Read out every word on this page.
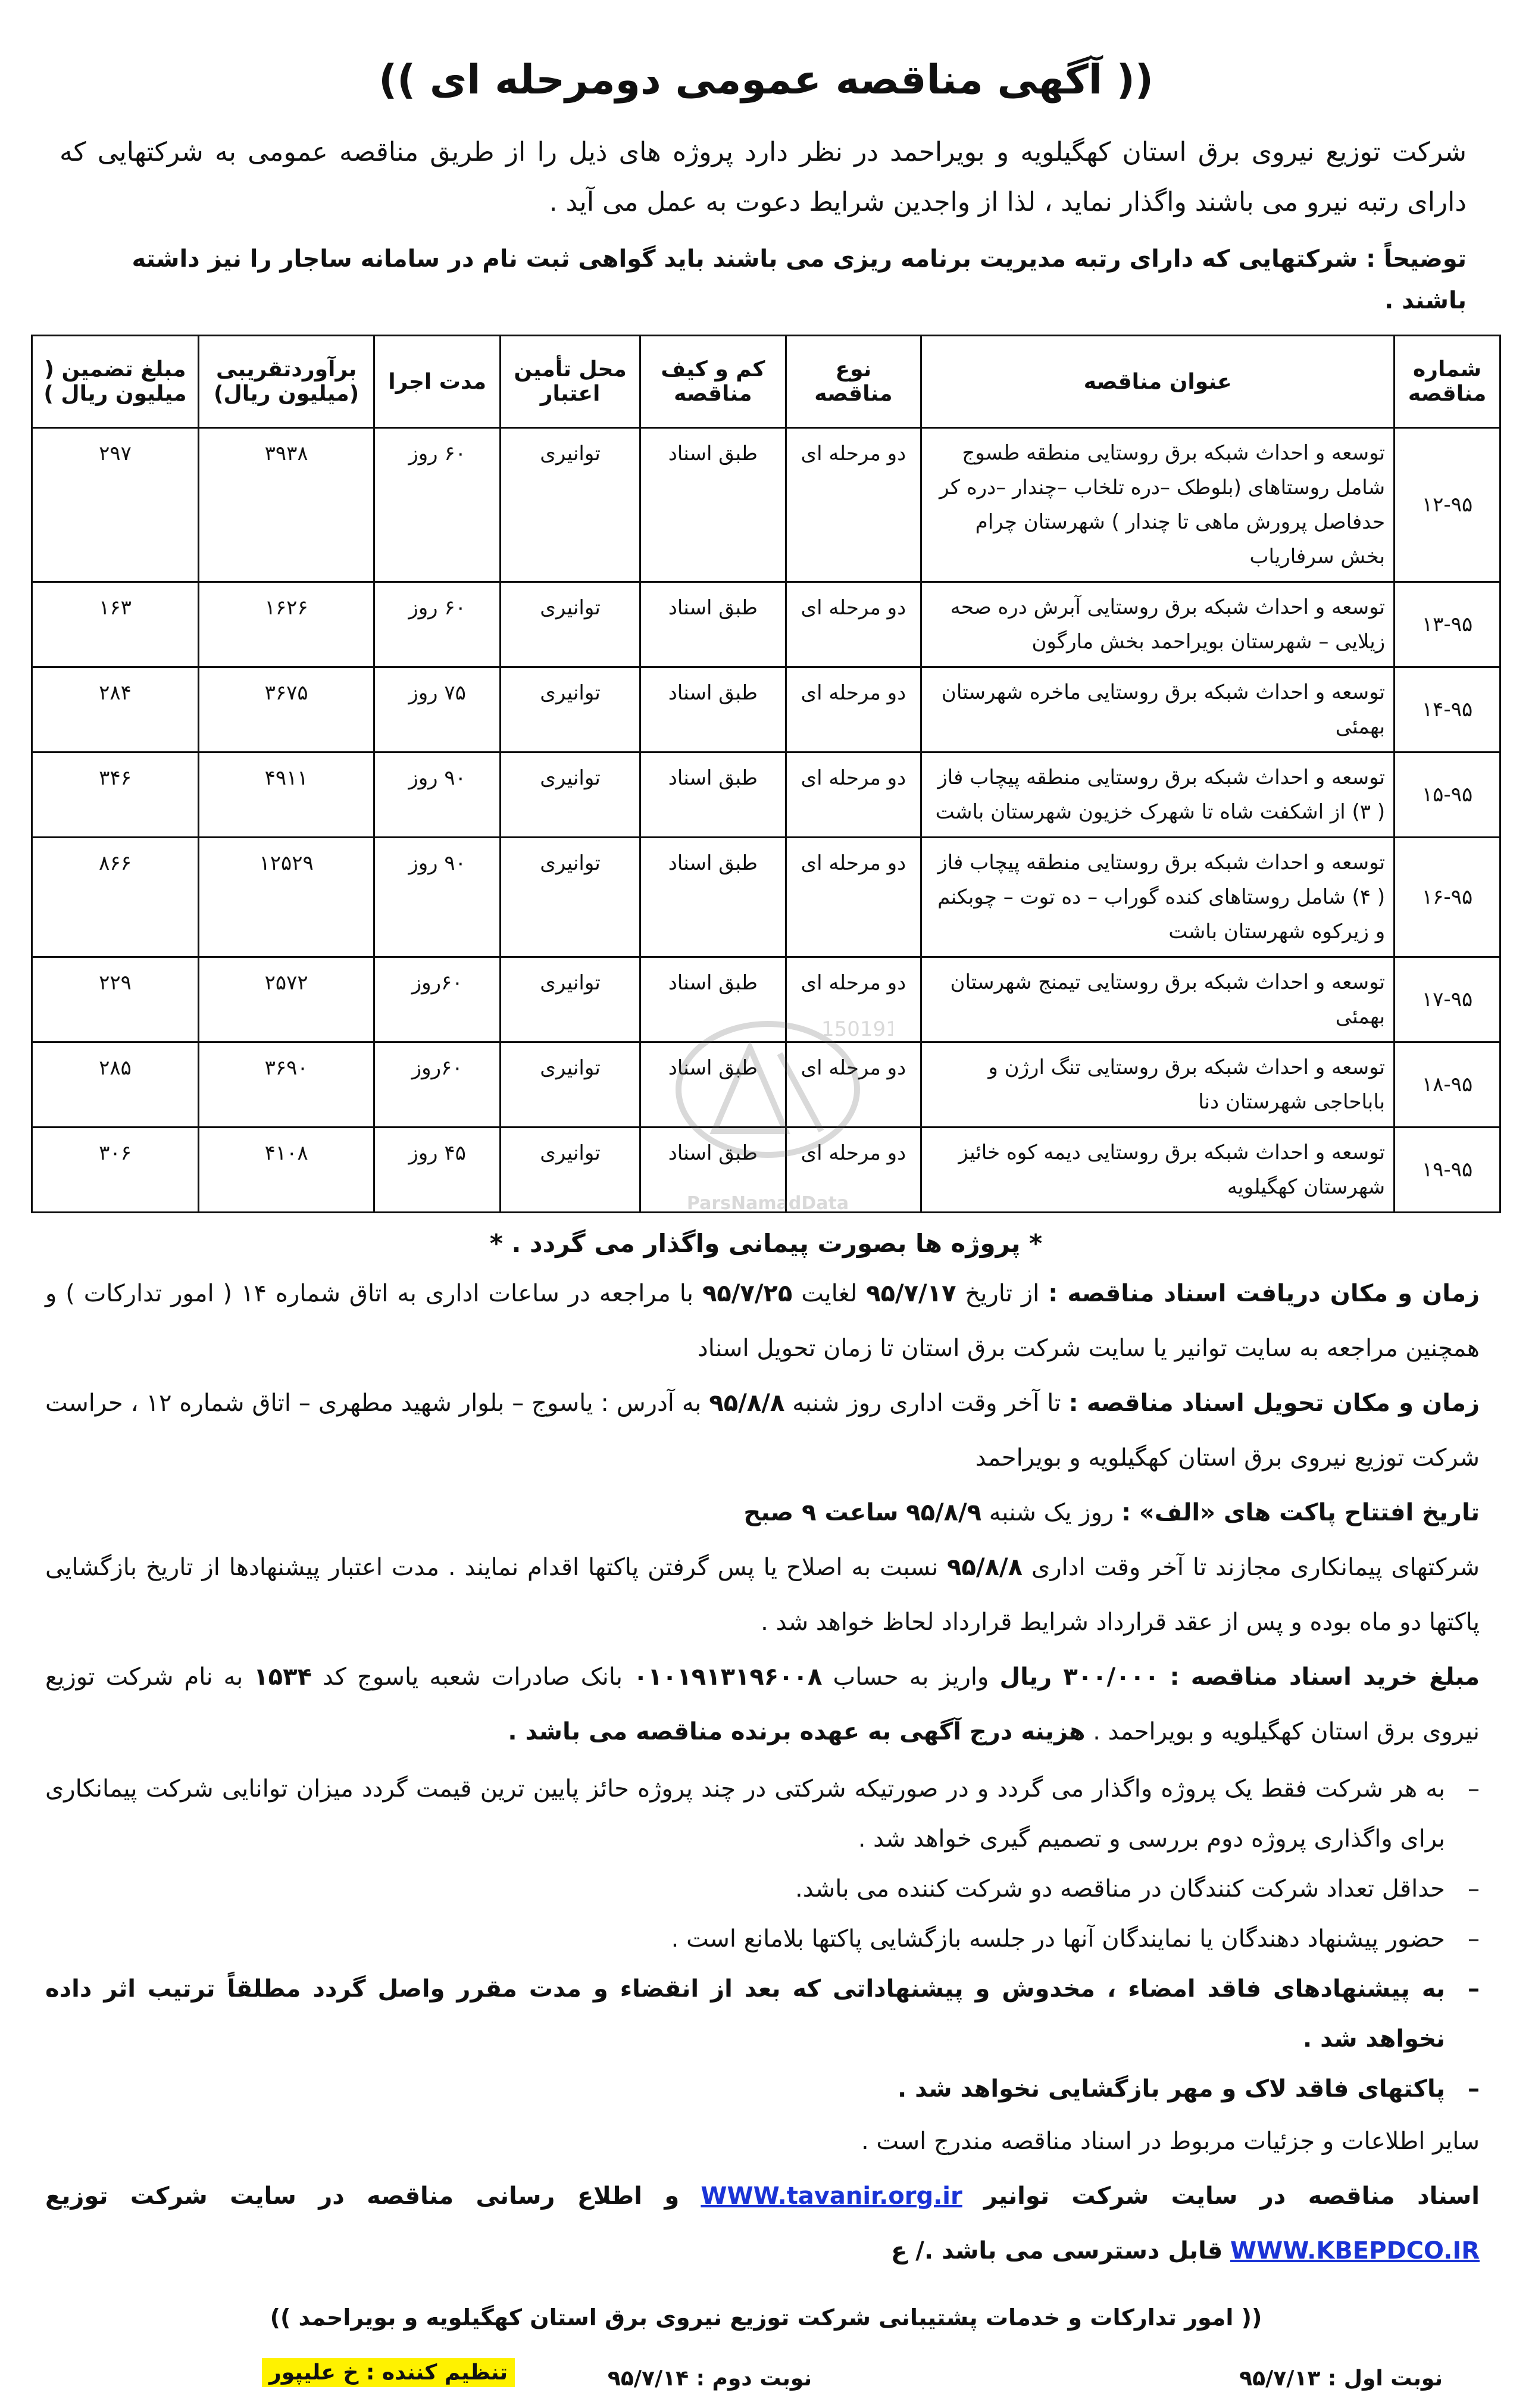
(( آگهی مناقصه عمومی دومرحله ای ))
شرکت توزیع نیروی برق استان کهگیلویه و بویراحمد در نظر دارد پروژه های ذیل را از طریق مناقصه عمومی به شرکتهایی که دارای رتبه نیرو می باشند واگذار نماید ، لذا از واجدین شرایط دعوت به عمل می آید .
توضیحاً : شرکتهایی که دارای رتبه مدیریت برنامه ریزی می باشند باید گواهی ثبت نام در سامانه ساجار را نیز داشته باشند .
شماره مناقصه	عنوان مناقصه	نوع مناقصه	کم و کیف مناقصه	محل تأمین اعتبار	مدت اجرا	برآوردتقریبی (میلیون ریال)	مبلغ تضمین ( میلیون ریال )
۱۲-۹۵	توسعه و احداث شبکه برق روستایی منطقه طسوج شامل روستاهای (بلوطک –دره تلخاب –چندار –دره کر حدفاصل پرورش ماهی تا چندار ) شهرستان چرام بخش سرفاریاب	دو مرحله ای	طبق اسناد	توانیری	۶۰ روز	۳۹۳۸	۲۹۷
۱۳-۹۵	توسعه و احداث شبکه برق روستایی آبرش دره صحه زیلایی – شهرستان بویراحمد بخش مارگون	دو مرحله ای	طبق اسناد	توانیری	۶۰ روز	۱۶۲۶	۱۶۳
۱۴-۹۵	توسعه و احداث شبکه برق روستایی ماخره شهرستان بهمئی	دو مرحله ای	طبق اسناد	توانیری	۷۵ روز	۳۶۷۵	۲۸۴
۱۵-۹۵	توسعه و احداث شبکه برق روستایی منطقه پیچاب فاز ( ۳) از اشکفت شاه تا شهرک خزیون شهرستان باشت	دو مرحله ای	طبق اسناد	توانیری	۹۰ روز	۴۹۱۱	۳۴۶
۱۶-۹۵	توسعه و احداث شبکه برق روستایی منطقه پیچاب فاز ( ۴) شامل روستاهای کنده گوراب – ده توت – چوبکنم و زیرکوه شهرستان باشت	دو مرحله ای	طبق اسناد	توانیری	۹۰ روز	۱۲۵۲۹	۸۶۶
۱۷-۹۵	توسعه و احداث شبکه برق روستایی تیمنج شهرستان بهمئی	دو مرحله ای	طبق اسناد	توانیری	۶۰روز	۲۵۷۲	۲۲۹
۱۸-۹۵	توسعه و احداث شبکه برق روستایی تنگ ارژن و باباحاجی شهرستان دنا	دو مرحله ای	طبق اسناد	توانیری	۶۰روز	۳۶۹۰	۲۸۵
۱۹-۹۵	توسعه و احداث شبکه برق روستایی دیمه کوه خائیز شهرستان کهگیلویه	دو مرحله ای	طبق اسناد	توانیری	۴۵ روز	۴۱۰۸	۳۰۶
* پروژه ها بصورت پیمانی واگذار می گردد . *
زمان و مکان دریافت اسناد مناقصه : از تاریخ ۹۵/۷/۱۷ لغایت ۹۵/۷/۲۵ با مراجعه در ساعات اداری به اتاق شماره ۱۴ ( امور تدارکات ) و همچنین مراجعه به سایت توانیر یا سایت شرکت برق استان تا زمان تحویل اسناد
زمان و مکان تحویل اسناد مناقصه : تا آخر وقت اداری روز شنبه ۹۵/۸/۸ به آدرس : یاسوج – بلوار شهید مطهری – اتاق شماره ۱۲ ، حراست شرکت توزیع نیروی برق استان کهگیلویه و بویراحمد
تاریخ افتتاح پاکت های «الف» : روز یک شنبه ۹۵/۸/۹ ساعت ۹ صبح
شرکتهای پیمانکاری مجازند تا آخر وقت اداری ۹۵/۸/۸ نسبت به اصلاح یا پس گرفتن پاکتها اقدام نمایند . مدت اعتبار پیشنهادها از تاریخ بازگشایی پاکتها دو ماه بوده و پس از عقد قرارداد شرایط قرارداد لحاظ خواهد شد .
مبلغ خرید اسناد مناقصه : ۳۰۰/۰۰۰ ریال واریز به حساب ۰۱۰۱۹۱۳۱۹۶۰۰۸ بانک صادرات شعبه یاسوج کد ۱۵۳۴ به نام شرکت توزیع نیروی برق استان کهگیلویه و بویراحمد . هزینه درج آگهی به عهده برنده مناقصه می باشد .
– به هر شرکت فقط یک پروژه واگذار می گردد و در صورتیکه شرکتی در چند پروژه حائز پایین ترین قیمت گردد میزان توانایی شرکت پیمانکاری برای واگذاری پروژه دوم بررسی و تصمیم گیری خواهد شد .
– حداقل تعداد شرکت کنندگان در مناقصه دو شرکت کننده می باشد.
– حضور پیشنهاد دهندگان یا نمایندگان آنها در جلسه بازگشایی پاکتها بلامانع است .
– به پیشنهادهای فاقد امضاء ، مخدوش و پیشنهاداتی که بعد از انقضاء و مدت مقرر واصل گردد مطلقاً ترتیب اثر داده نخواهد شد .
– پاکتهای فاقد لاک و مهر بازگشایی نخواهد شد .
سایر اطلاعات و جزئیات مربوط در اسناد مناقصه مندرج است .
اسناد مناقصه در سایت شرکت توانیر WWW.tavanir.org.ir و اطلاع رسانی مناقصه در سایت شرکت توزیع WWW.KBEPDCO.IR قابل دسترسی می باشد ./ ع
(( امور تدارکات و خدمات پشتیبانی شرکت توزیع نیروی برق استان کهگیلویه و بویراحمد ))
نوبت اول : ۹۵/۷/۱۳
نوبت دوم : ۹۵/۷/۱۴
تنظیم کننده : خ علیپور
150191
ParsNamadData
